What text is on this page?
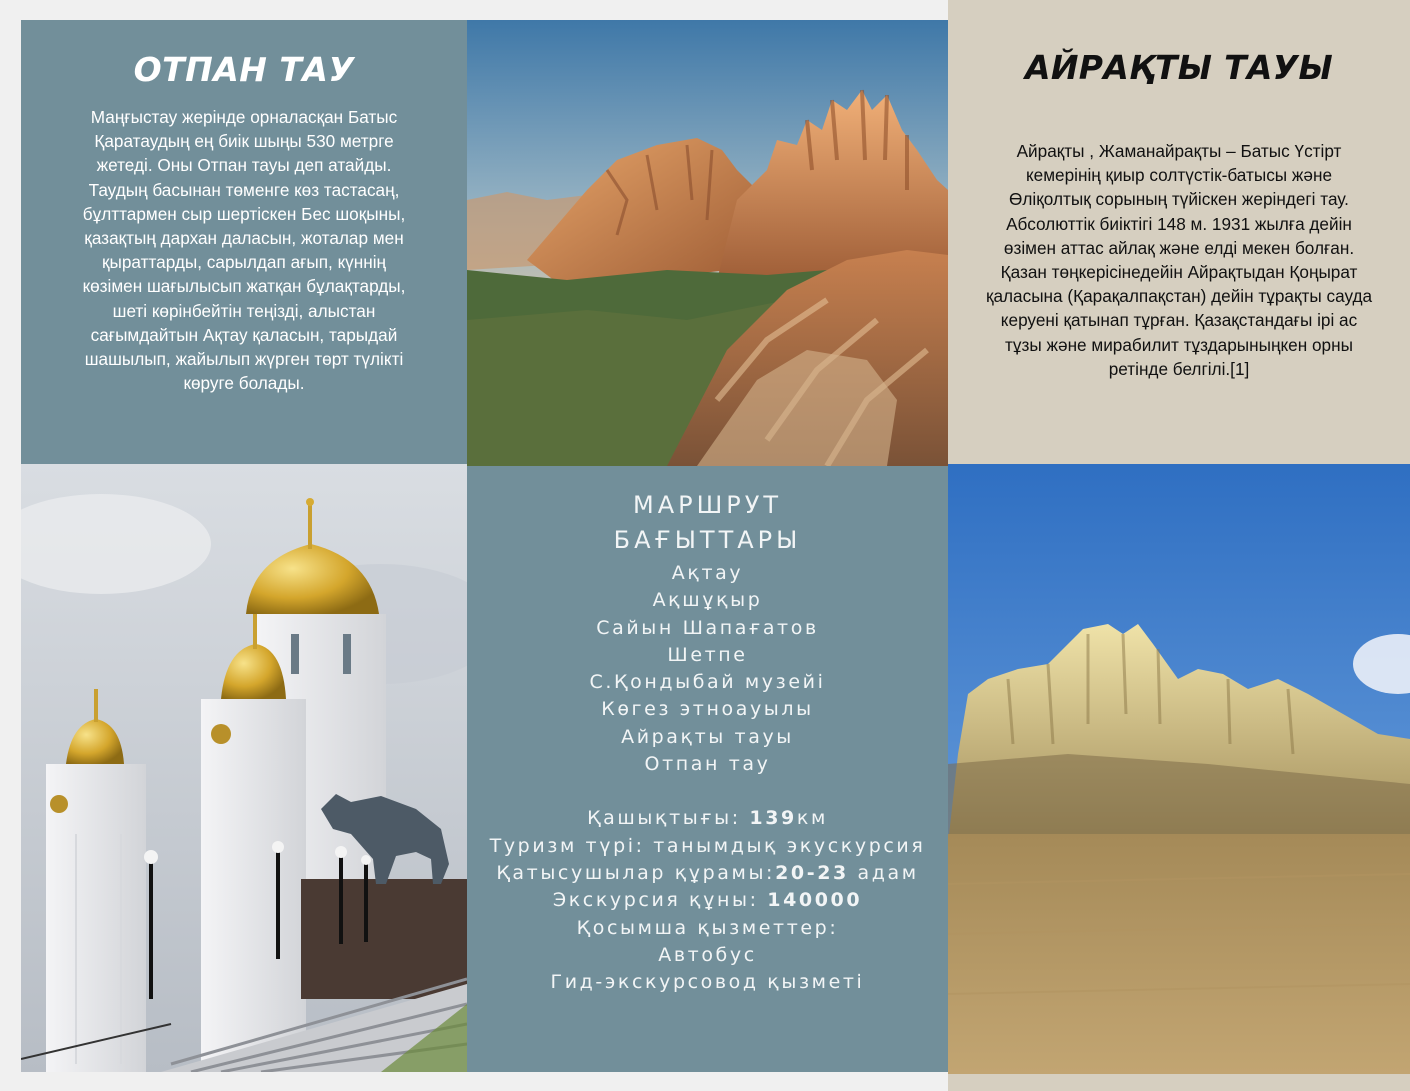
ОТПАН ТАУ

Маңғыстау жерінде орналасқан Батыс Қаратаудың ең биік шыңы 530 метрге жетеді. Оны Отпан тауы деп атайды. Таудың басынан төменге көз тастасаң, бұлттармен сыр шертіскен Бес шоқыны, қазақтың дархан даласын, жоталар мен қыраттарды, сарылдап ағып, күннің көзімен шағылысып жатқан бұлақтарды, шеті көрінбейтін теңізді, алыстан сағымдайтын Ақтау қаласын, тарыдай шашылып, жайылып жүрген төрт түлікті көруге болады.

АЙРАҚТЫ ТАУЫ

Айрақты , Жаманайрақты – Батыс Үстірт кемерінің қиыр солтүстік-батысы және Өліқолтық сорының түйіскен жеріндегі тау. Абсолюттік биіктігі 148 м. 1931 жылға дейін өзімен аттас айлақ және елді мекен болған. Қазан төңкерісінедейін Айрақтыдан Қоңырат қаласына (Қарақалпақстан) дейін тұрақты сауда керуені қатынап тұрған. Қазақстандағы ірі ас тұзы және мирабилит тұздарыныңкен орны ретінде белгілі.[1]

МАРШРУТ
БАҒЫТТАРЫ
Ақтау
Ақшұқыр
Сайын Шапағатов
Шетпе
С.Қондыбай музейі
Көгез этноауылы
Айрақты тауы
Отпан тау
Қашықтығы: 139км
Туризм түрі: танымдық экускурсия
Қатысушылар құрамы:20-23 адам
Экскурсия құны: 140000
Қосымша қызметтер:
Автобус
Гид-экскурсовод қызметі
